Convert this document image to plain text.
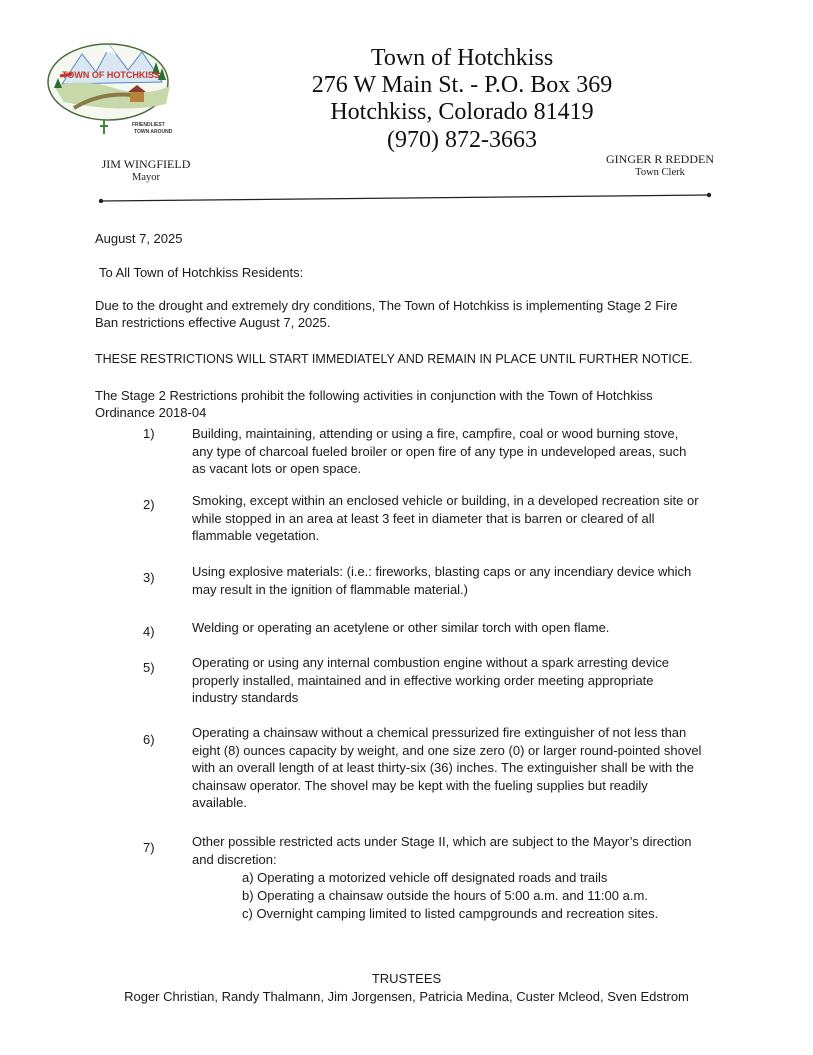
TOWN OF HOTCHKISS
FRIENDLIEST
TOWN AROUND
Town of Hotchkiss
276 W Main St. - P.O. Box 369
Hotchkiss, Colorado 81419
(970) 872-3663
JIM WINGFIELD
Mayor
GINGER R REDDEN
Town Clerk
August 7, 2025
To All Town of Hotchkiss Residents:
Due to the drought and extremely dry conditions, The Town of Hotchkiss is implementing Stage 2 Fire
Ban restrictions effective August 7, 2025.
THESE RESTRICTIONS WILL START IMMEDIATELY AND REMAIN IN PLACE UNTIL FURTHER NOTICE.
The Stage 2 Restrictions prohibit the following activities in conjunction with the Town of Hotchkiss
Ordinance 2018-04
1)	Building, maintaining, attending or using a fire, campfire, coal or wood burning stove,
any type of charcoal fueled broiler or open fire of any type in undeveloped areas, such
as vacant lots or open space.
2)	Smoking, except within an enclosed vehicle or building, in a developed recreation site or
while stopped in an area at least 3 feet in diameter that is barren or cleared of all
flammable vegetation.
3)	Using explosive materials: (i.e.: fireworks, blasting caps or any incendiary device which
may result in the ignition of flammable material.)
4)	Welding or operating an acetylene or other similar torch with open flame.
5)	Operating or using any internal combustion engine without a spark arresting device
properly installed, maintained and in effective working order meeting appropriate
industry standards
6)	Operating a chainsaw without a chemical pressurized fire extinguisher of not less than
eight (8) ounces capacity by weight, and one size zero (0) or larger round-pointed shovel
with an overall length of at least thirty-six (36) inches. The extinguisher shall be with the
chainsaw operator. The shovel may be kept with the fueling supplies but readily
available.
7)	Other possible restricted acts under Stage II, which are subject to the Mayor’s direction
and discretion:
a) Operating a motorized vehicle off designated roads and trails
b) Operating a chainsaw outside the hours of 5:00 a.m. and 11:00 a.m.
c) Overnight camping limited to listed campgrounds and recreation sites.
TRUSTEES
Roger Christian, Randy Thalmann, Jim Jorgensen, Patricia Medina, Custer Mcleod, Sven Edstrom
